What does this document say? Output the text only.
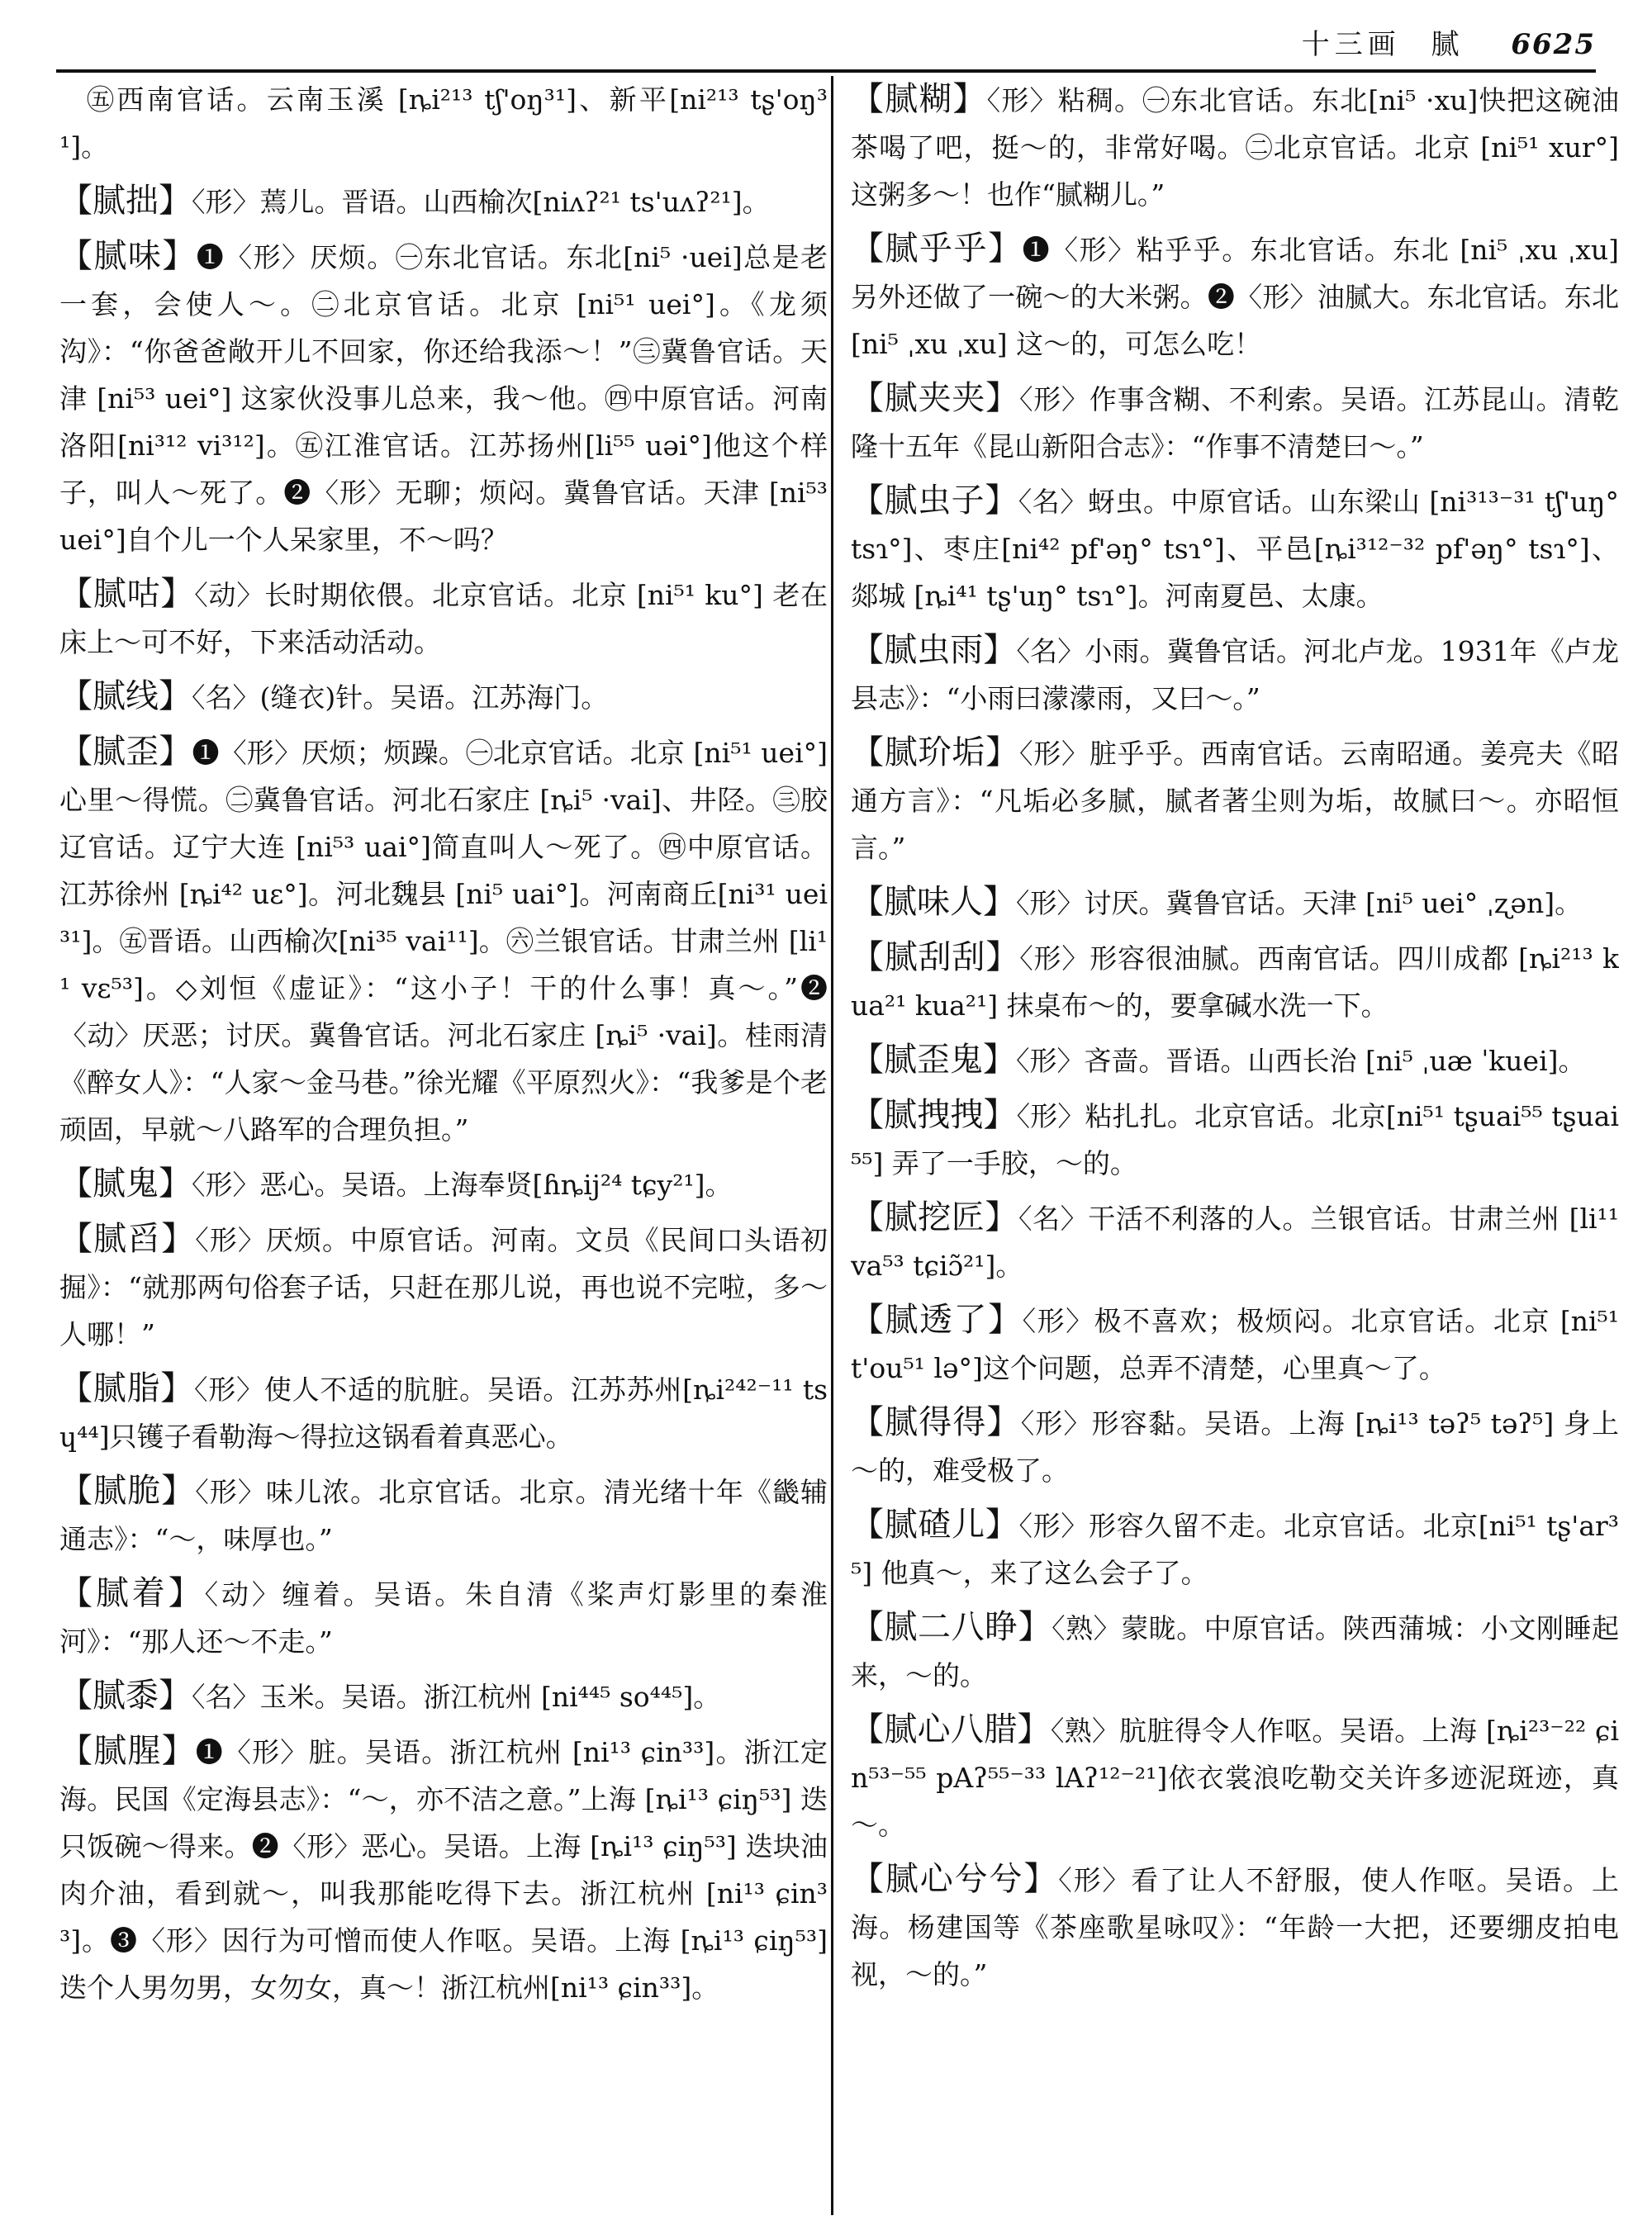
十三画 腻 6625

㊄西南官话。云南玉溪 [ȵi²¹³ tʃ'oŋ³¹]、新平[ni²¹³ tʂ'oŋ³¹]。

【腻拙】〈形〉蔫儿。晋语。山西榆次[niʌʔ²¹ ts'uʌʔ²¹]。

【腻味】❶〈形〉厌烦。㊀东北官话。东北[ni⁵ ·uei]总是老一套，会使人～。㊁北京官话。北京 [ni⁵¹ uei°]。《龙须沟》：“你爸爸敞开儿不回家，你还给我添～！”㊂冀鲁官话。天津 [ni⁵³ uei°] 这家伙没事儿总来，我～他。㊃中原官话。河南洛阳[ni³¹² vi³¹²]。㊄江淮官话。江苏扬州[li⁵⁵ uəi°]他这个样子，叫人～死了。❷〈形〉无聊；烦闷。冀鲁官话。天津 [ni⁵³ uei°]自个儿一个人呆家里，不～吗？

【腻咕】〈动〉长时期依偎。北京官话。北京 [ni⁵¹ ku°] 老在床上～可不好，下来活动活动。

【腻线】〈名〉(缝衣)针。吴语。江苏海门。

【腻歪】❶〈形〉厌烦；烦躁。㊀北京官话。北京 [ni⁵¹ uei°]心里～得慌。㊁冀鲁官话。河北石家庄 [ȵi⁵ ·vai]、井陉。㊂胶辽官话。辽宁大连 [ni⁵³ uai°]简直叫人～死了。㊃中原官话。江苏徐州 [ȵi⁴² uɛ°]。河北魏县 [ni⁵ uai°]。河南商丘[ni³¹ uei³¹]。㊄晋语。山西榆次[ni³⁵ vai¹¹]。㊅兰银官话。甘肃兰州 [li¹¹ vɛ⁵³]。◇刘恒《虚证》：“这小子！干的什么事！真～。”❷〈动〉厌恶；讨厌。冀鲁官话。河北石家庄 [ȵi⁵ ·vai]。桂雨清《醉女人》：“人家～金马巷。”徐光耀《平原烈火》：“我爹是个老顽固，早就～八路军的合理负担。”

【腻鬼】〈形〉恶心。吴语。上海奉贤[ɦȵij²⁴ tɕy²¹]。

【腻舀】〈形〉厌烦。中原官话。河南。文员《民间口头语初掘》：“就那两句俗套子话，只赶在那儿说，再也说不完啦，多～人哪！”

【腻脂】〈形〉使人不适的肮脏。吴语。江苏苏州[ȵi²⁴²⁻¹¹ tsɥ⁴⁴]只镬子看勒海～得拉这锅看着真恶心。

【腻脆】〈形〉味儿浓。北京官话。北京。清光绪十年《畿辅通志》：“～，味厚也。”

【腻着】〈动〉缠着。吴语。朱自清《桨声灯影里的秦淮河》：“那人还～不走。”

【腻黍】〈名〉玉米。吴语。浙江杭州 [ni⁴⁴⁵ so⁴⁴⁵]。

【腻腥】❶〈形〉脏。吴语。浙江杭州 [ni¹³ ɕin³³]。浙江定海。民国《定海县志》：“～，亦不洁之意。”上海 [ȵi¹³ ɕiŋ⁵³] 迭只饭碗～得来。❷〈形〉恶心。吴语。上海 [ȵi¹³ ɕiŋ⁵³] 迭块油肉介油，看到就～，叫我那能吃得下去。浙江杭州 [ni¹³ ɕin³³]。❸〈形〉因行为可憎而使人作呕。吴语。上海 [ȵi¹³ ɕiŋ⁵³]迭个人男勿男，女勿女，真～！浙江杭州[ni¹³ ɕin³³]。

【腻糊】〈形〉粘稠。㊀东北官话。东北[ni⁵ ·xu]快把这碗油茶喝了吧，挺～的，非常好喝。㊁北京官话。北京 [ni⁵¹ xur°] 这粥多～！也作“腻糊儿。”

【腻乎乎】❶〈形〉粘乎乎。东北官话。东北 [ni⁵ ˌxu ˌxu] 另外还做了一碗～的大米粥。❷〈形〉油腻大。东北官话。东北 [ni⁵ ˌxu ˌxu] 这～的，可怎么吃！

【腻夹夹】〈形〉作事含糊、不利索。吴语。江苏昆山。清乾隆十五年《昆山新阳合志》：“作事不清楚曰～。”

【腻虫子】〈名〉蚜虫。中原官话。山东梁山 [ni³¹³⁻³¹ tʃ'uŋ° tsɿ°]、枣庄[ni⁴² pf'əŋ° tsɿ°]、平邑[ȵi³¹²⁻³² pf'əŋ° tsɿ°]、郯城 [ȵi⁴¹ tʂ'uŋ° tsɿ°]。河南夏邑、太康。

【腻虫雨】〈名〉小雨。冀鲁官话。河北卢龙。1931年《卢龙县志》：“小雨曰濛濛雨，又曰～。”

【腻玠垢】〈形〉脏乎乎。西南官话。云南昭通。姜亮夫《昭通方言》：“凡垢必多腻，腻者著尘则为垢，故腻曰～。亦昭恒言。”

【腻味人】〈形〉讨厌。冀鲁官话。天津 [ni⁵ uei° ˌʐən]。

【腻刮刮】〈形〉形容很油腻。西南官话。四川成都 [ȵi²¹³ kua²¹ kua²¹] 抹桌布～的，要拿碱水洗一下。

【腻歪鬼】〈形〉吝啬。晋语。山西长治 [ni⁵ ˌuæ ˈkuei]。

【腻拽拽】〈形〉粘扎扎。北京官话。北京[ni⁵¹ tʂuai⁵⁵ tʂuai⁵⁵] 弄了一手胶，～的。

【腻挖匠】〈名〉干活不利落的人。兰银官话。甘肃兰州 [li¹¹ va⁵³ tɕiɔ̃²¹]。

【腻透了】〈形〉极不喜欢；极烦闷。北京官话。北京 [ni⁵¹ t'ou⁵¹ lə°]这个问题，总弄不清楚，心里真～了。

【腻得得】〈形〉形容黏。吴语。上海 [ȵi¹³ təʔ⁵ təʔ⁵] 身上～的，难受极了。

【腻碴儿】〈形〉形容久留不走。北京官话。北京[ni⁵¹ tʂ'ar³⁵] 他真～，来了这么会子了。

【腻二八睁】〈熟〉蒙眬。中原官话。陕西蒲城：小文刚睡起来，～的。

【腻心八腊】〈熟〉肮脏得令人作呕。吴语。上海 [ȵi²³⁻²² ɕin⁵³⁻⁵⁵ pAʔ⁵⁵⁻³³ lAʔ¹²⁻²¹]依衣裳浪吃勒交关许多迹泥斑迹，真～。

【腻心兮兮】〈形〉看了让人不舒服，使人作呕。吴语。上海。杨建国等《茶座歌星咏叹》：“年龄一大把，还要绷皮拍电视，～的。”
